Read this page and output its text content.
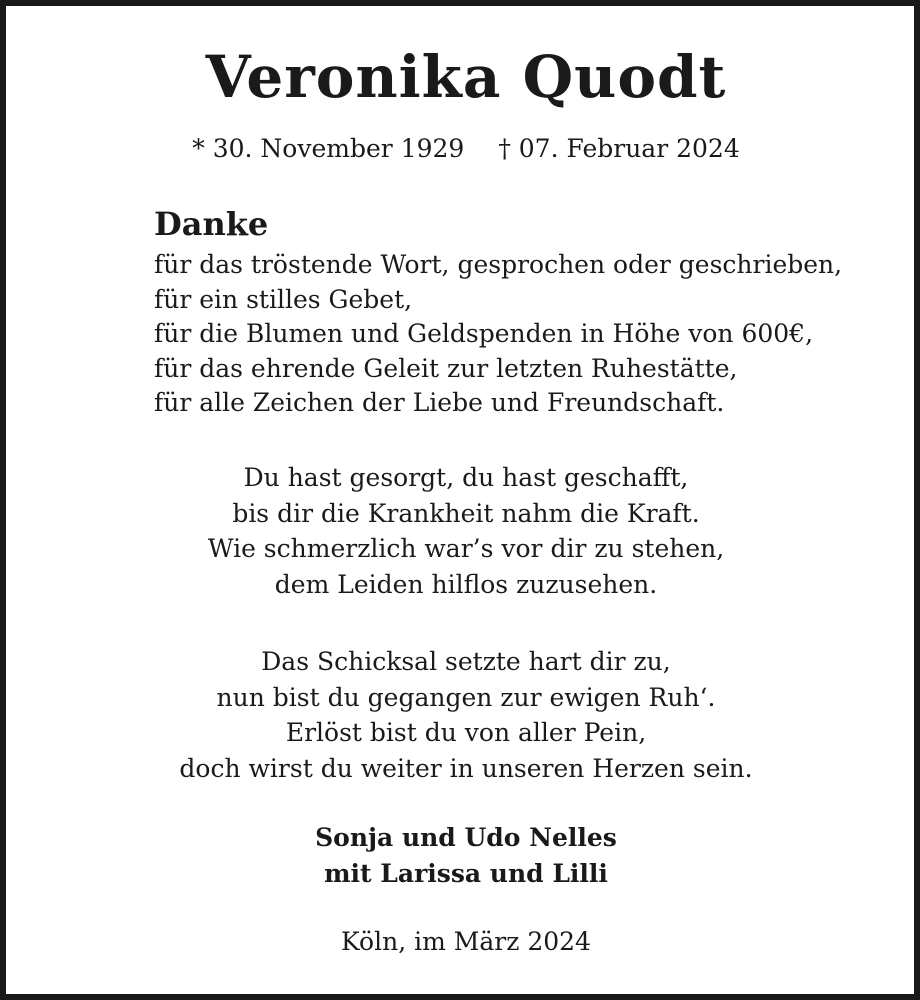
Veronika Quodt
* 30. November 1929 † 07. Februar 2024
Danke
für das tröstende Wort, gesprochen oder geschrieben,
für ein stilles Gebet,
für die Blumen und Geldspenden in Höhe von 600€,
für das ehrende Geleit zur letzten Ruhestätte,
für alle Zeichen der Liebe und Freundschaft.
Du hast gesorgt, du hast geschafft,
bis dir die Krankheit nahm die Kraft.
Wie schmerzlich war’s vor dir zu stehen,
dem Leiden hilflos zuzusehen.
Das Schicksal setzte hart dir zu,
nun bist du gegangen zur ewigen Ruh‘.
Erlöst bist du von aller Pein,
doch wirst du weiter in unseren Herzen sein.
Sonja und Udo Nelles
mit Larissa und Lilli
Köln, im März 2024
